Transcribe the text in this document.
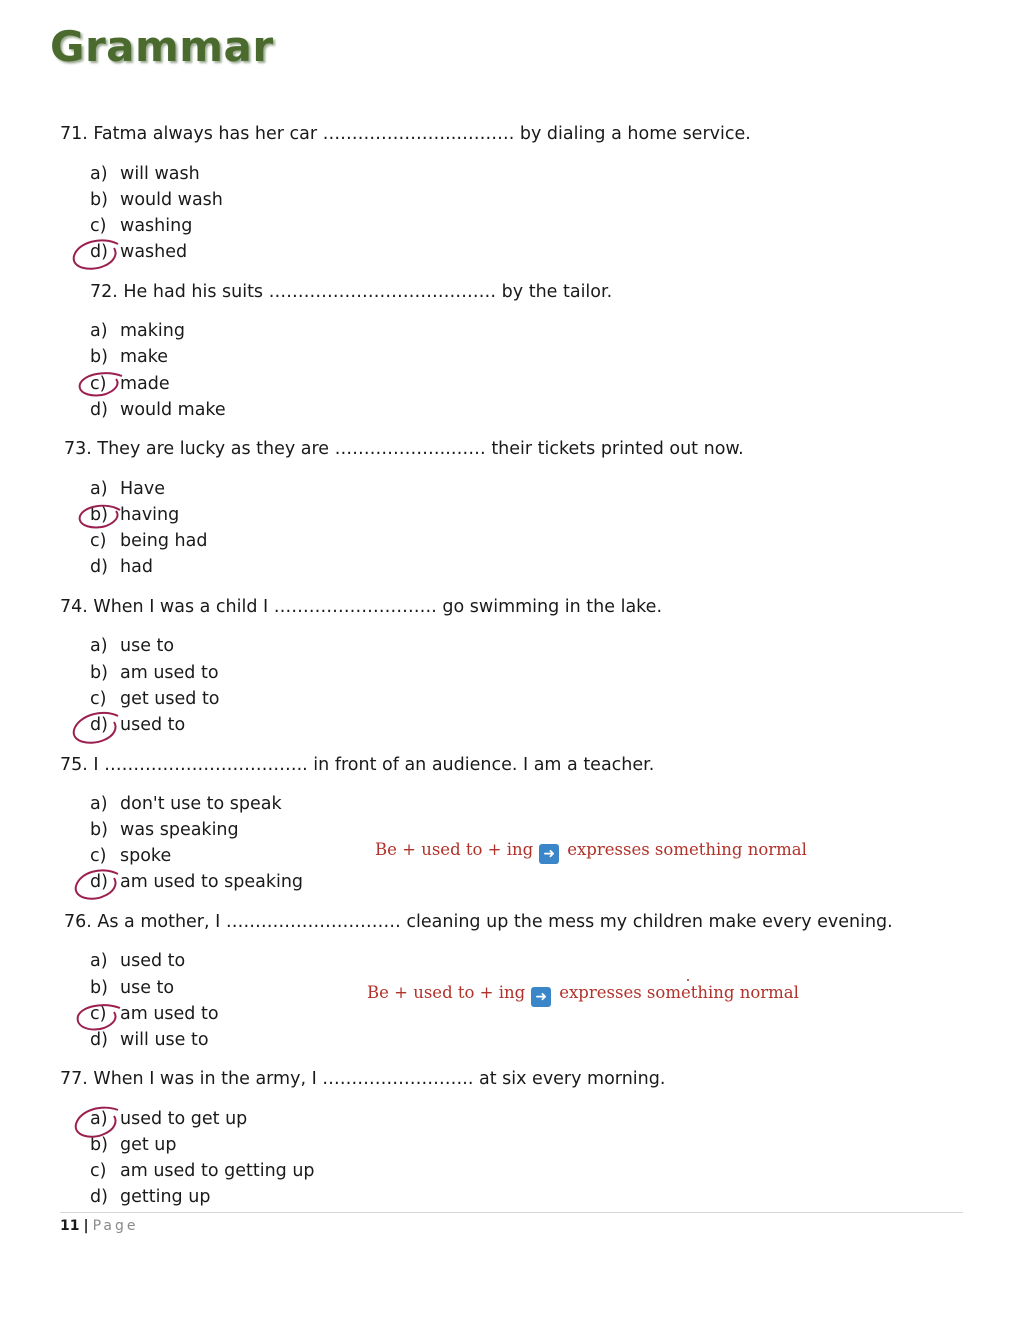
Grammar

71. Fatma always has her car …………………..………. by dialing a home service.

a) will wash

b) would wash

c) washing

d) washed

72. He had his suits ………………………………… by the tailor.

a) making

b) make

c) made

d) would make

73. They are lucky as they are ………………..…… their tickets printed out now.

a) Have

b) having

c) being had

d) had

74. When I was a child I ………………………. go swimming in the lake.

a) use to

b) am used to

c) get used to

d) used to

75. I …………………………….. in front of an audience. I am a teacher.

a) don't use to speak

b) was speaking

c) spoke

d) am used to speaking

Be + used to + ing ➜ expresses something normal

76. As a mother, I ………………………… cleaning up the mess my children make every evening.

a) used to

b) use to

c) am used to

d) will use to

Be + used to + ing ➜ expresses something normal

77. When I was in the army, I …………………….. at six every morning.

a) used to get up

b) get up

c) am used to getting up

d) getting up

11 | Page
